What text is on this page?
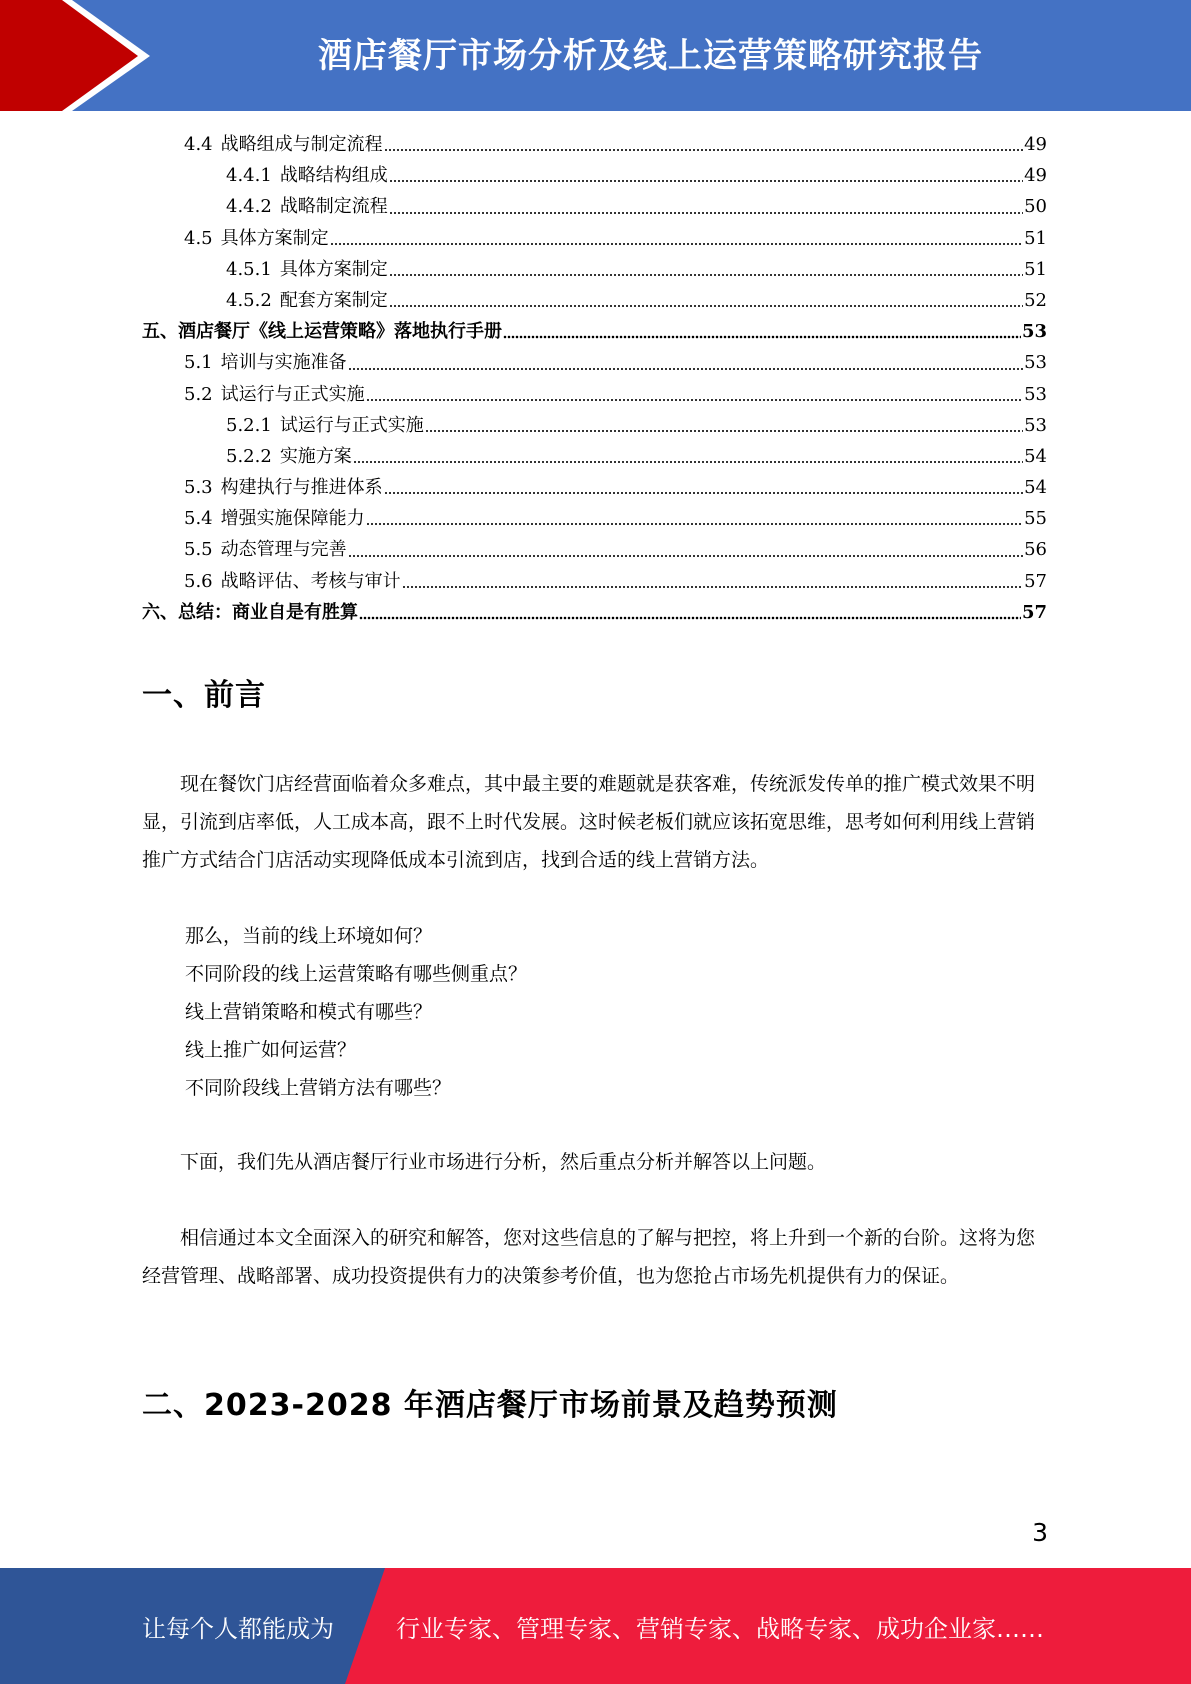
酒店餐厅市场分析及线上运营策略研究报告
4.4 战略组成与制定流程	49
4.4.1 战略结构组成	49
4.4.2 战略制定流程	50
4.5 具体方案制定	51
4.5.1 具体方案制定	51
4.5.2 配套方案制定	52
五、酒店餐厅《线上运营策略》落地执行手册	53
5.1 培训与实施准备	53
5.2 试运行与正式实施	53
5.2.1 试运行与正式实施	53
5.2.2 实施方案	54
5.3 构建执行与推进体系	54
5.4 增强实施保障能力	55
5.5 动态管理与完善	56
5.6 战略评估、考核与审计	57
六、总结：商业自是有胜算	57
一、前言

现在餐饮门店经营面临着众多难点，其中最主要的难题就是获客难，传统派发传单的推广模式效果不明显，引流到店率低，人工成本高，跟不上时代发展。这时候老板们就应该拓宽思维，思考如何利用线上营销推广方式结合门店活动实现降低成本引流到店，找到合适的线上营销方法。

那么，当前的线上环境如何？
不同阶段的线上运营策略有哪些侧重点？
线上营销策略和模式有哪些？
线上推广如何运营？
不同阶段线上营销方法有哪些？

下面，我们先从酒店餐厅行业市场进行分析，然后重点分析并解答以上问题。

相信通过本文全面深入的研究和解答，您对这些信息的了解与把控，将上升到一个新的台阶。这将为您经营管理、战略部署、成功投资提供有力的决策参考价值，也为您抢占市场先机提供有力的保证。

二、2023-2028 年酒店餐厅市场前景及趋势预测
3
让每个人都能成为	行业专家、管理专家、营销专家、战略专家、成功企业家……
